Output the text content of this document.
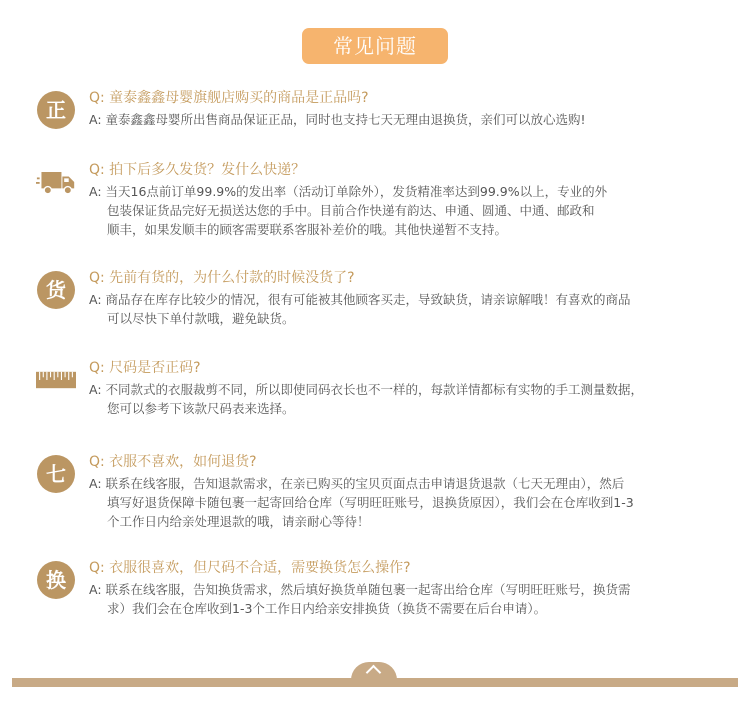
常见问题
正	Q: 童泰鑫鑫母婴旗舰店购买的商品是正品吗?
A: 童泰鑫鑫母婴所出售商品保证正品，同时也支持七天无理由退换货，亲们可以放心选购!
Q: 拍下后多久发货？发什么快递？
A: 当天16点前订单99.9%的发出率（活动订单除外），发货精准率达到99.9%以上，专业的外
包装保证货品完好无损送达您的手中。目前合作快递有韵达、申通、圆通、中通、邮政和
顺丰，如果发顺丰的顾客需要联系客服补差价的哦。其他快递暂不支持。
货	Q: 先前有货的，为什么付款的时候没货了?
A: 商品存在库存比较少的情况，很有可能被其他顾客买走，导致缺货，请亲谅解哦！有喜欢的商品
可以尽快下单付款哦，避免缺货。
Q: 尺码是否正码?
A: 不同款式的衣服裁剪不同，所以即使同码衣长也不一样的，每款详情都标有实物的手工测量数据，
您可以参考下该款尺码表来选择。
七	Q: 衣服不喜欢，如何退货?
A: 联系在线客服，告知退款需求，在亲已购买的宝贝页面点击申请退货退款（七天无理由），然后
填写好退货保障卡随包裹一起寄回给仓库（写明旺旺账号，退换货原因），我们会在仓库收到1-3
个工作日内给亲处理退款的哦，请亲耐心等待！
换	Q: 衣服很喜欢，但尺码不合适，需要换货怎么操作?
A: 联系在线客服，告知换货需求，然后填好换货单随包裹一起寄出给仓库（写明旺旺账号，换货需
求）我们会在仓库收到1-3个工作日内给亲安排换货（换货不需要在后台申请）。
